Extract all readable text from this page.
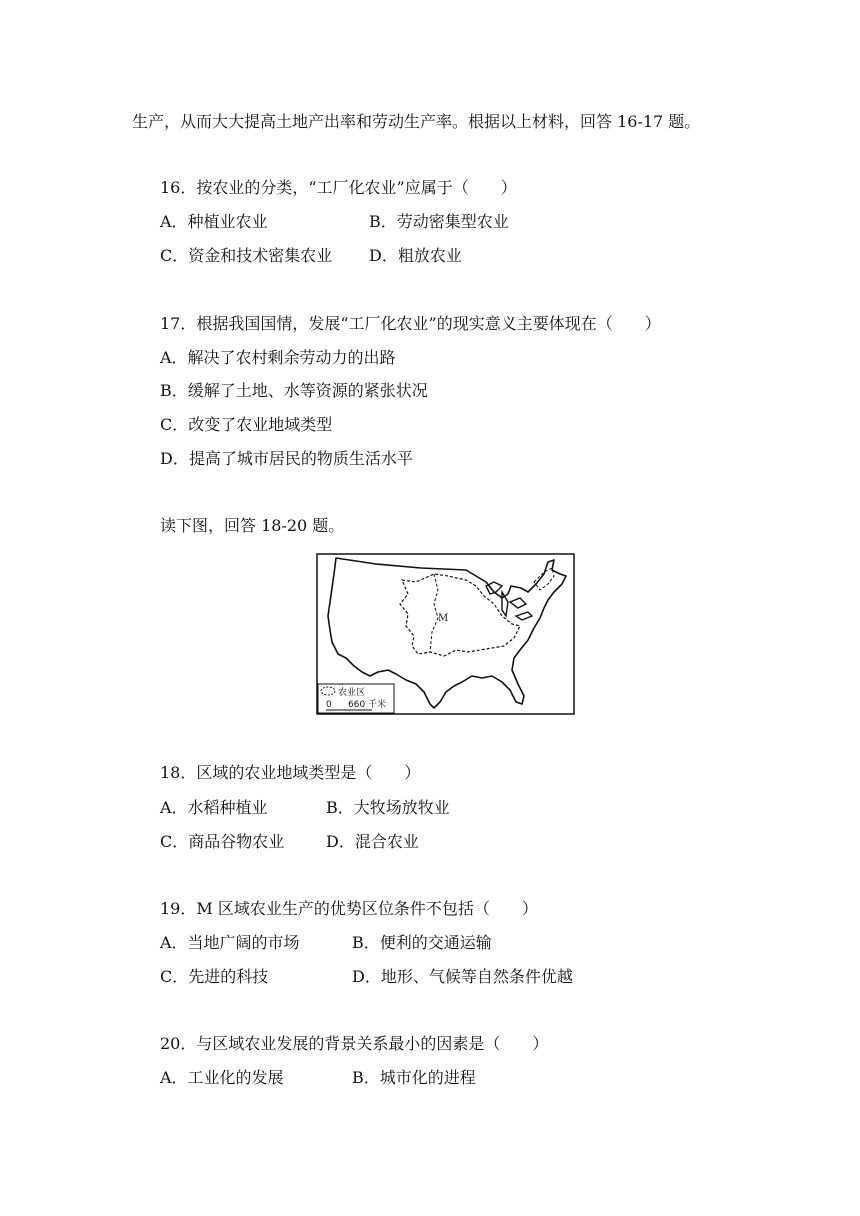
生产，从而大大提高土地产出率和劳动生产率。根据以上材料，回答 16-17 题。
16．按农业的分类，“工厂化农业”应属于（　　）
A．种植业农业	B．劳动密集型农业
C．资金和技术密集农业 D．粗放农业
17．根据我国国情，发展“工厂化农业”的现实意义主要体现在（　　）
A．解决了农村剩余劳动力的出路
B．缓解了土地、水等资源的紧张状况
C．改变了农业地域类型
D．提高了城市居民的物质生活水平
读下图，回答 18-20 题。
M
农业区
0 660 千米
18．区域的农业地域类型是（　　）
A．水稻种植业	B．大牧场放牧业
C．商品谷物农业	D．混合农业
19．M 区域农业生产的优势区位条件不包括（　　）
A．当地广阔的市场	B．便利的交通运输
C．先进的科技	D．地形、气候等自然条件优越
20．与区域农业发展的背景关系最小的因素是（　　）
A．工业化的发展	B．城市化的进程
